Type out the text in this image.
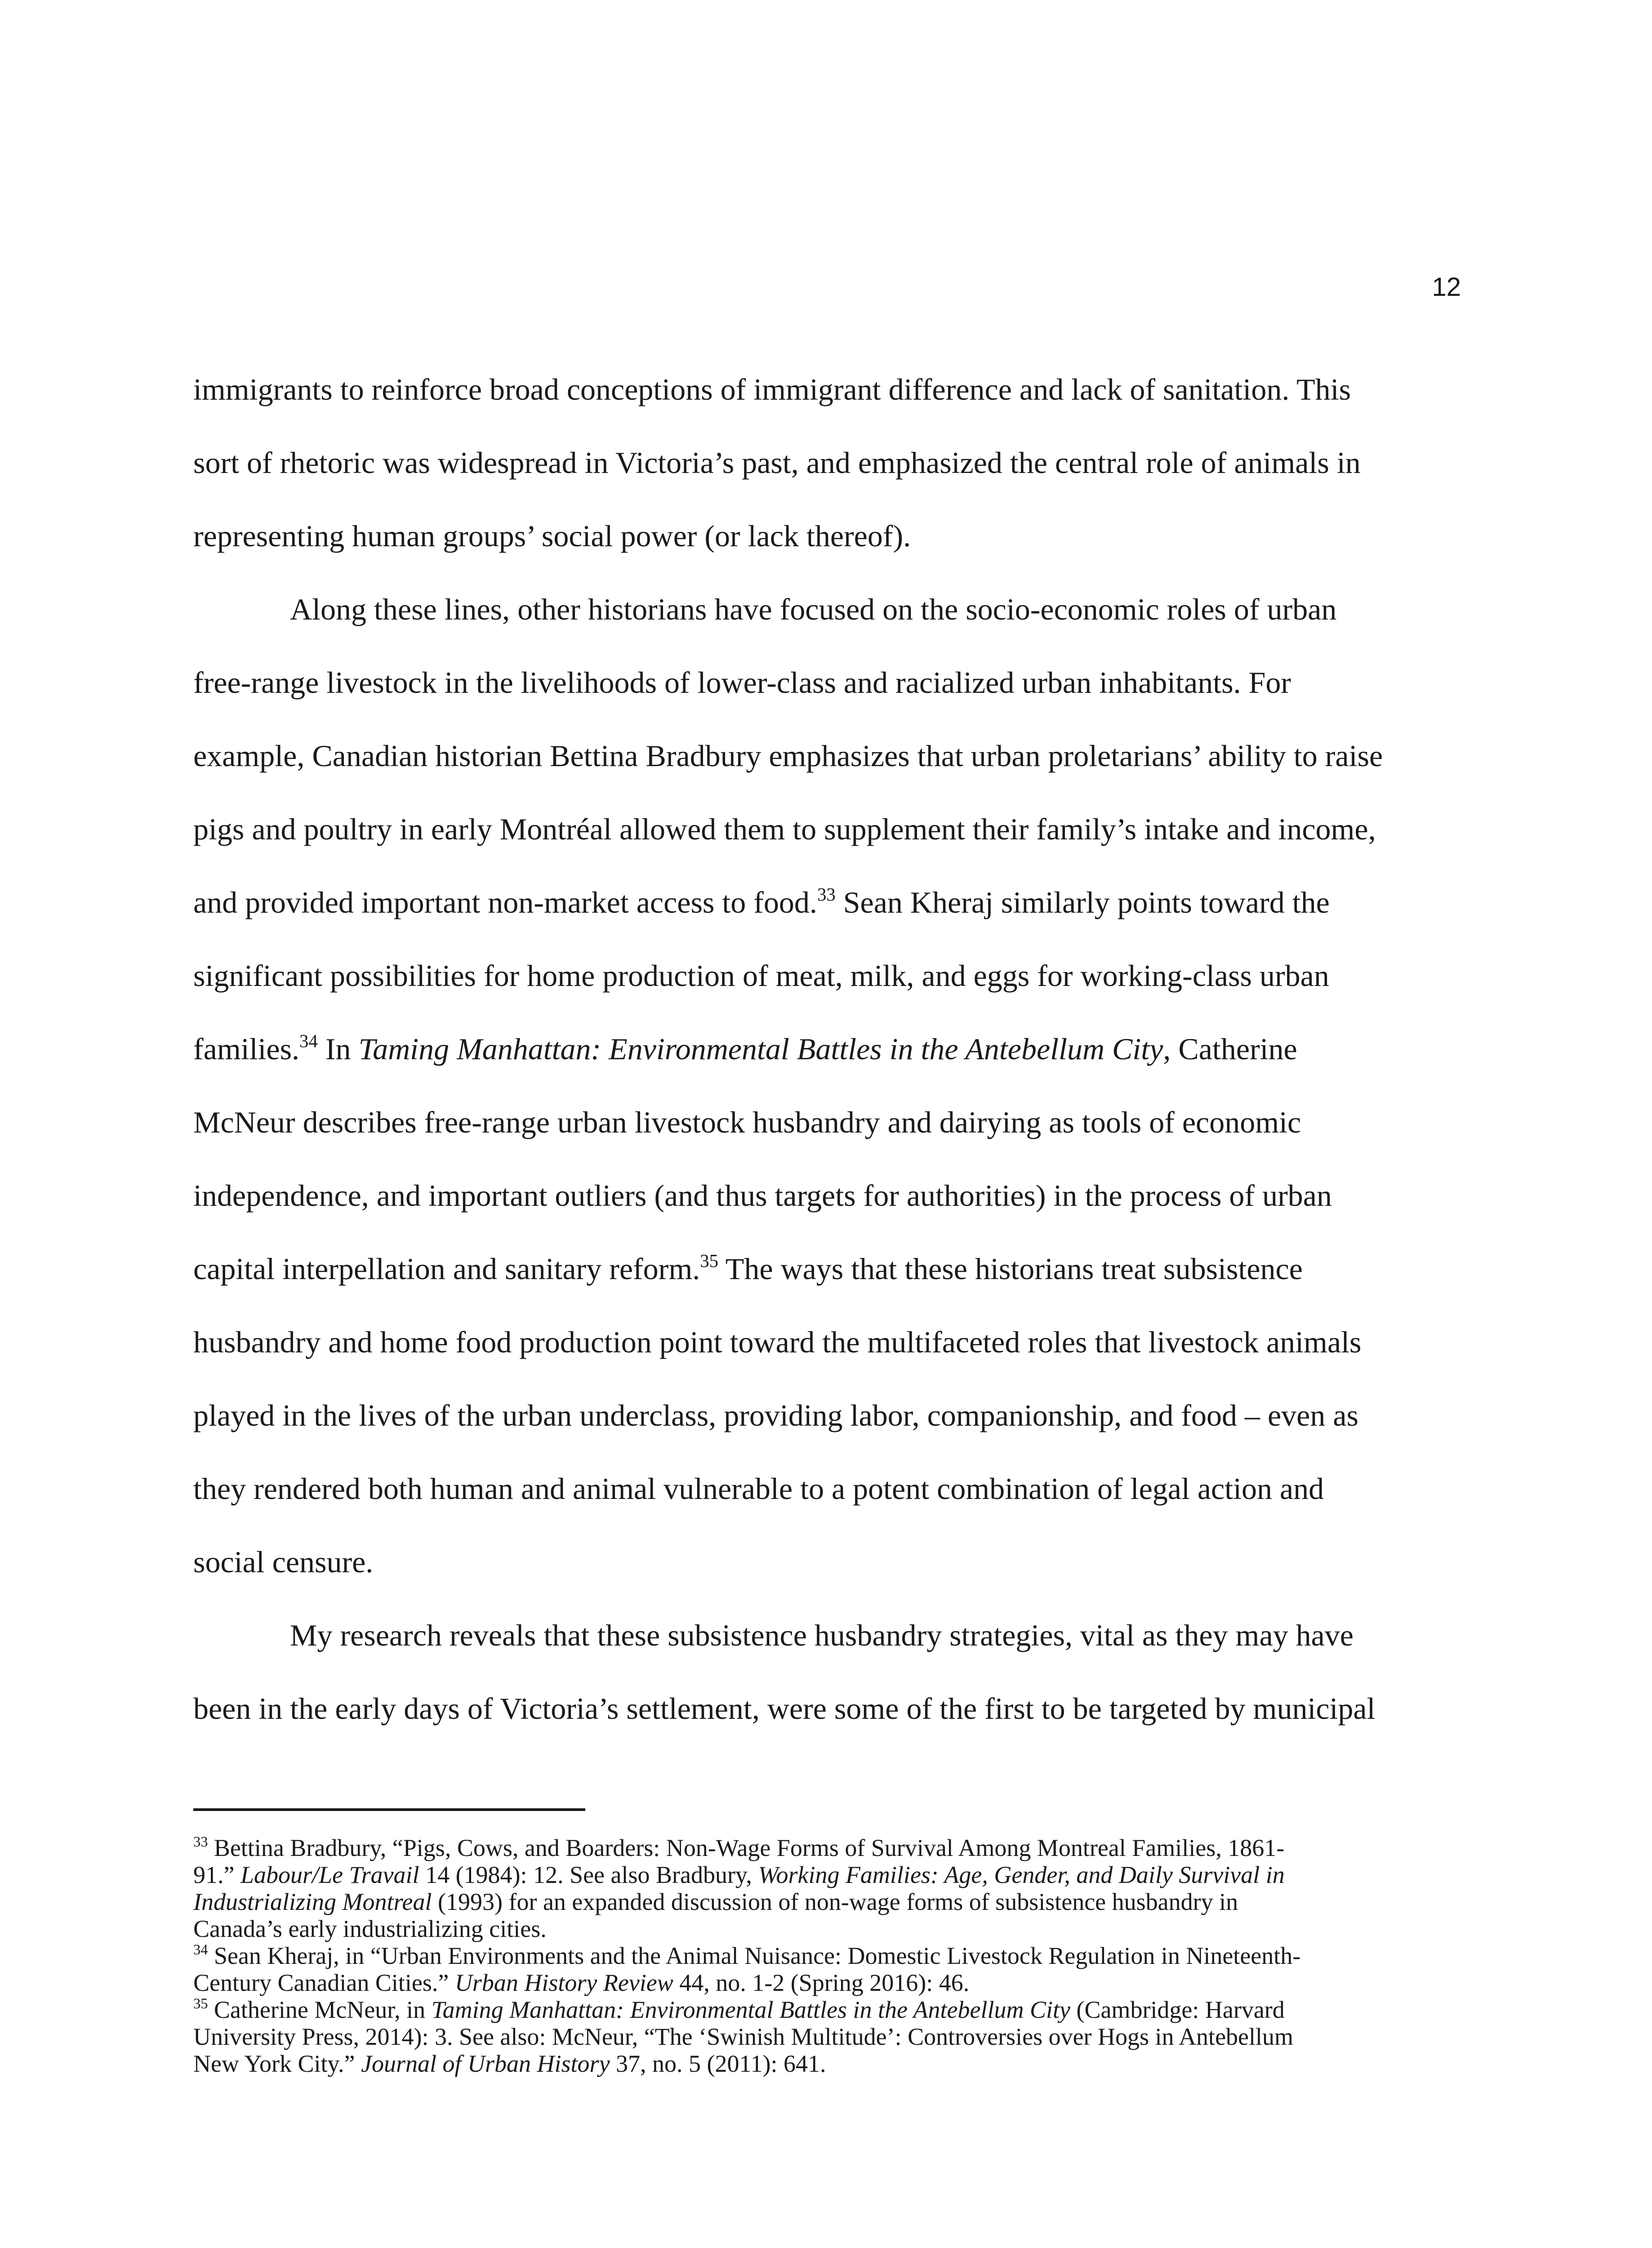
12
immigrants to reinforce broad conceptions of immigrant difference and lack of sanitation. This
sort of rhetoric was widespread in Victoria’s past, and emphasized the central role of animals in
representing human groups’ social power (or lack thereof).
Along these lines, other historians have focused on the socio-economic roles of urban
free-range livestock in the livelihoods of lower-class and racialized urban inhabitants. For
example, Canadian historian Bettina Bradbury emphasizes that urban proletarians’ ability to raise
pigs and poultry in early Montréal allowed them to supplement their family’s intake and income,
and provided important non-market access to food.$^{33}$ Sean Kheraj similarly points toward the
significant possibilities for home production of meat, milk, and eggs for working-class urban
families.$^{34}$ In Taming Manhattan: Environmental Battles in the Antebellum City, Catherine
McNeur describes free-range urban livestock husbandry and dairying as tools of economic
independence, and important outliers (and thus targets for authorities) in the process of urban
capital interpellation and sanitary reform.$^{35}$ The ways that these historians treat subsistence
husbandry and home food production point toward the multifaceted roles that livestock animals
played in the lives of the urban underclass, providing labor, companionship, and food – even as
they rendered both human and animal vulnerable to a potent combination of legal action and
social censure.
My research reveals that these subsistence husbandry strategies, vital as they may have
been in the early days of Victoria’s settlement, were some of the first to be targeted by municipal
$^{33}$ Bettina Bradbury, “Pigs, Cows, and Boarders: Non-Wage Forms of Survival Among Montreal Families, 1861-
91.” Labour/Le Travail 14 (1984): 12. See also Bradbury, Working Families: Age, Gender, and Daily Survival in
Industrializing Montreal (1993) for an expanded discussion of non-wage forms of subsistence husbandry in
Canada’s early industrializing cities.
$^{34}$ Sean Kheraj, in “Urban Environments and the Animal Nuisance: Domestic Livestock Regulation in Nineteenth-
Century Canadian Cities.” Urban History Review 44, no. 1-2 (Spring 2016): 46.
$^{35}$ Catherine McNeur, in Taming Manhattan: Environmental Battles in the Antebellum City (Cambridge: Harvard
University Press, 2014): 3. See also: McNeur, “The ‘Swinish Multitude’: Controversies over Hogs in Antebellum
New York City.” Journal of Urban History 37, no. 5 (2011): 641.
